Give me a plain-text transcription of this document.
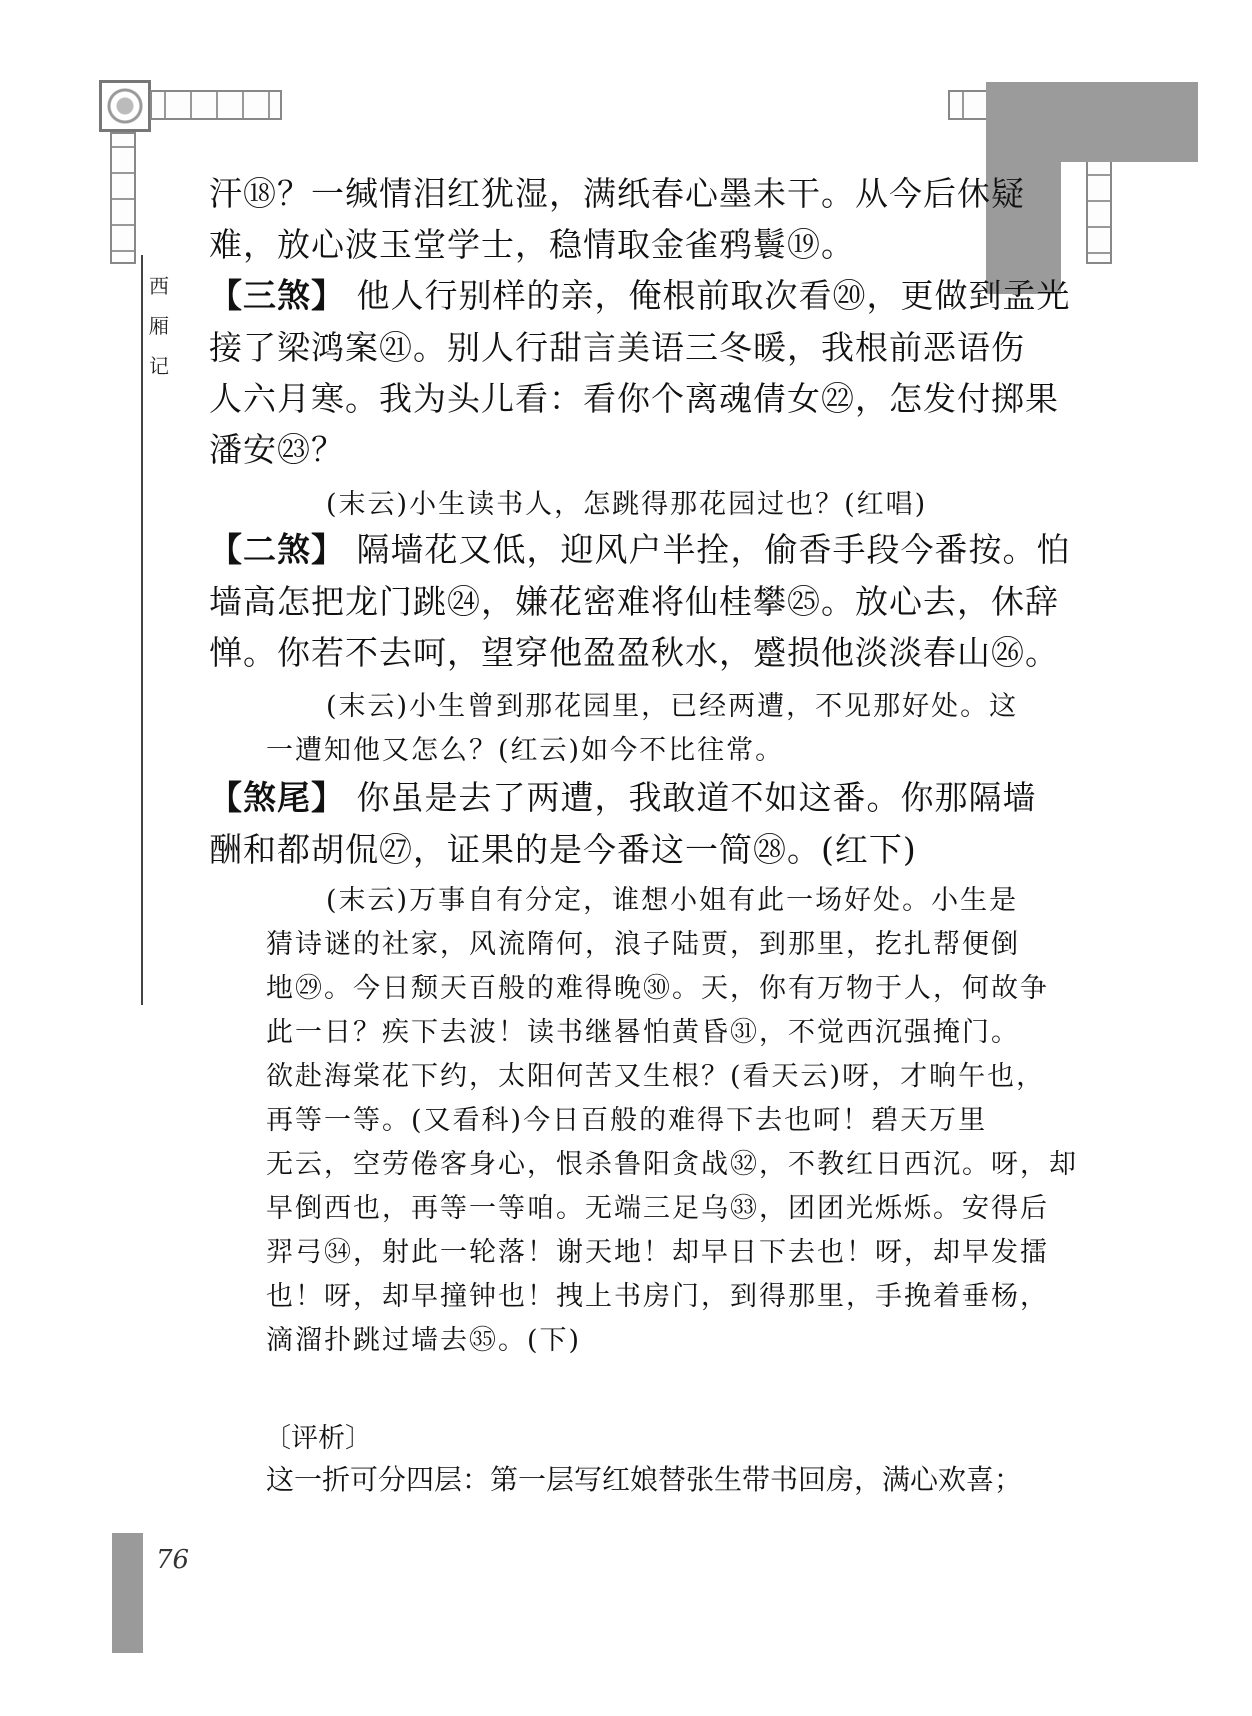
西
厢
记
汗⑱？一缄情泪红犹湿，满纸春心墨未干。从今后休疑
难，放心波玉堂学士，稳情取金雀鸦鬟⑲。
【三煞】 他人行别样的亲，俺根前取次看⑳，更做到孟光
接了梁鸿案㉑。别人行甜言美语三冬暖，我根前恶语伤
人六月寒。我为头儿看：看你个离魂倩女㉒，怎发付掷果
潘安㉓？
(末云)小生读书人，怎跳得那花园过也？(红唱)
【二煞】 隔墙花又低，迎风户半拴，偷香手段今番按。怕
墙高怎把龙门跳㉔，嫌花密难将仙桂攀㉕。放心去，休辞
惮。你若不去呵，望穿他盈盈秋水，蹙损他淡淡春山㉖。
(末云)小生曾到那花园里，已经两遭，不见那好处。这
一遭知他又怎么？(红云)如今不比往常。
【煞尾】 你虽是去了两遭，我敢道不如这番。你那隔墙
酬和都胡侃㉗，证果的是今番这一简㉘。(红下)
(末云)万事自有分定，谁想小姐有此一场好处。小生是
猜诗谜的社家，风流隋何，浪子陆贾，到那里，扢扎帮便倒
地㉙。今日颓天百般的难得晚㉚。天，你有万物于人，何故争
此一日？疾下去波！读书继晷怕黄昏㉛，不觉西沉强掩门。
欲赴海棠花下约，太阳何苦又生根？(看天云)呀，才晌午也，
再等一等。(又看科)今日百般的难得下去也呵！碧天万里
无云，空劳倦客身心，恨杀鲁阳贪战㉜，不教红日西沉。呀，却
早倒西也，再等一等咱。无端三足乌㉝，团团光烁烁。安得后
羿弓㉞，射此一轮落！谢天地！却早日下去也！呀，却早发擂
也！呀，却早撞钟也！拽上书房门，到得那里，手挽着垂杨，
滴溜扑跳过墙去㉟。(下)
〔评析〕
这一折可分四层：第一层写红娘替张生带书回房，满心欢喜；
76
